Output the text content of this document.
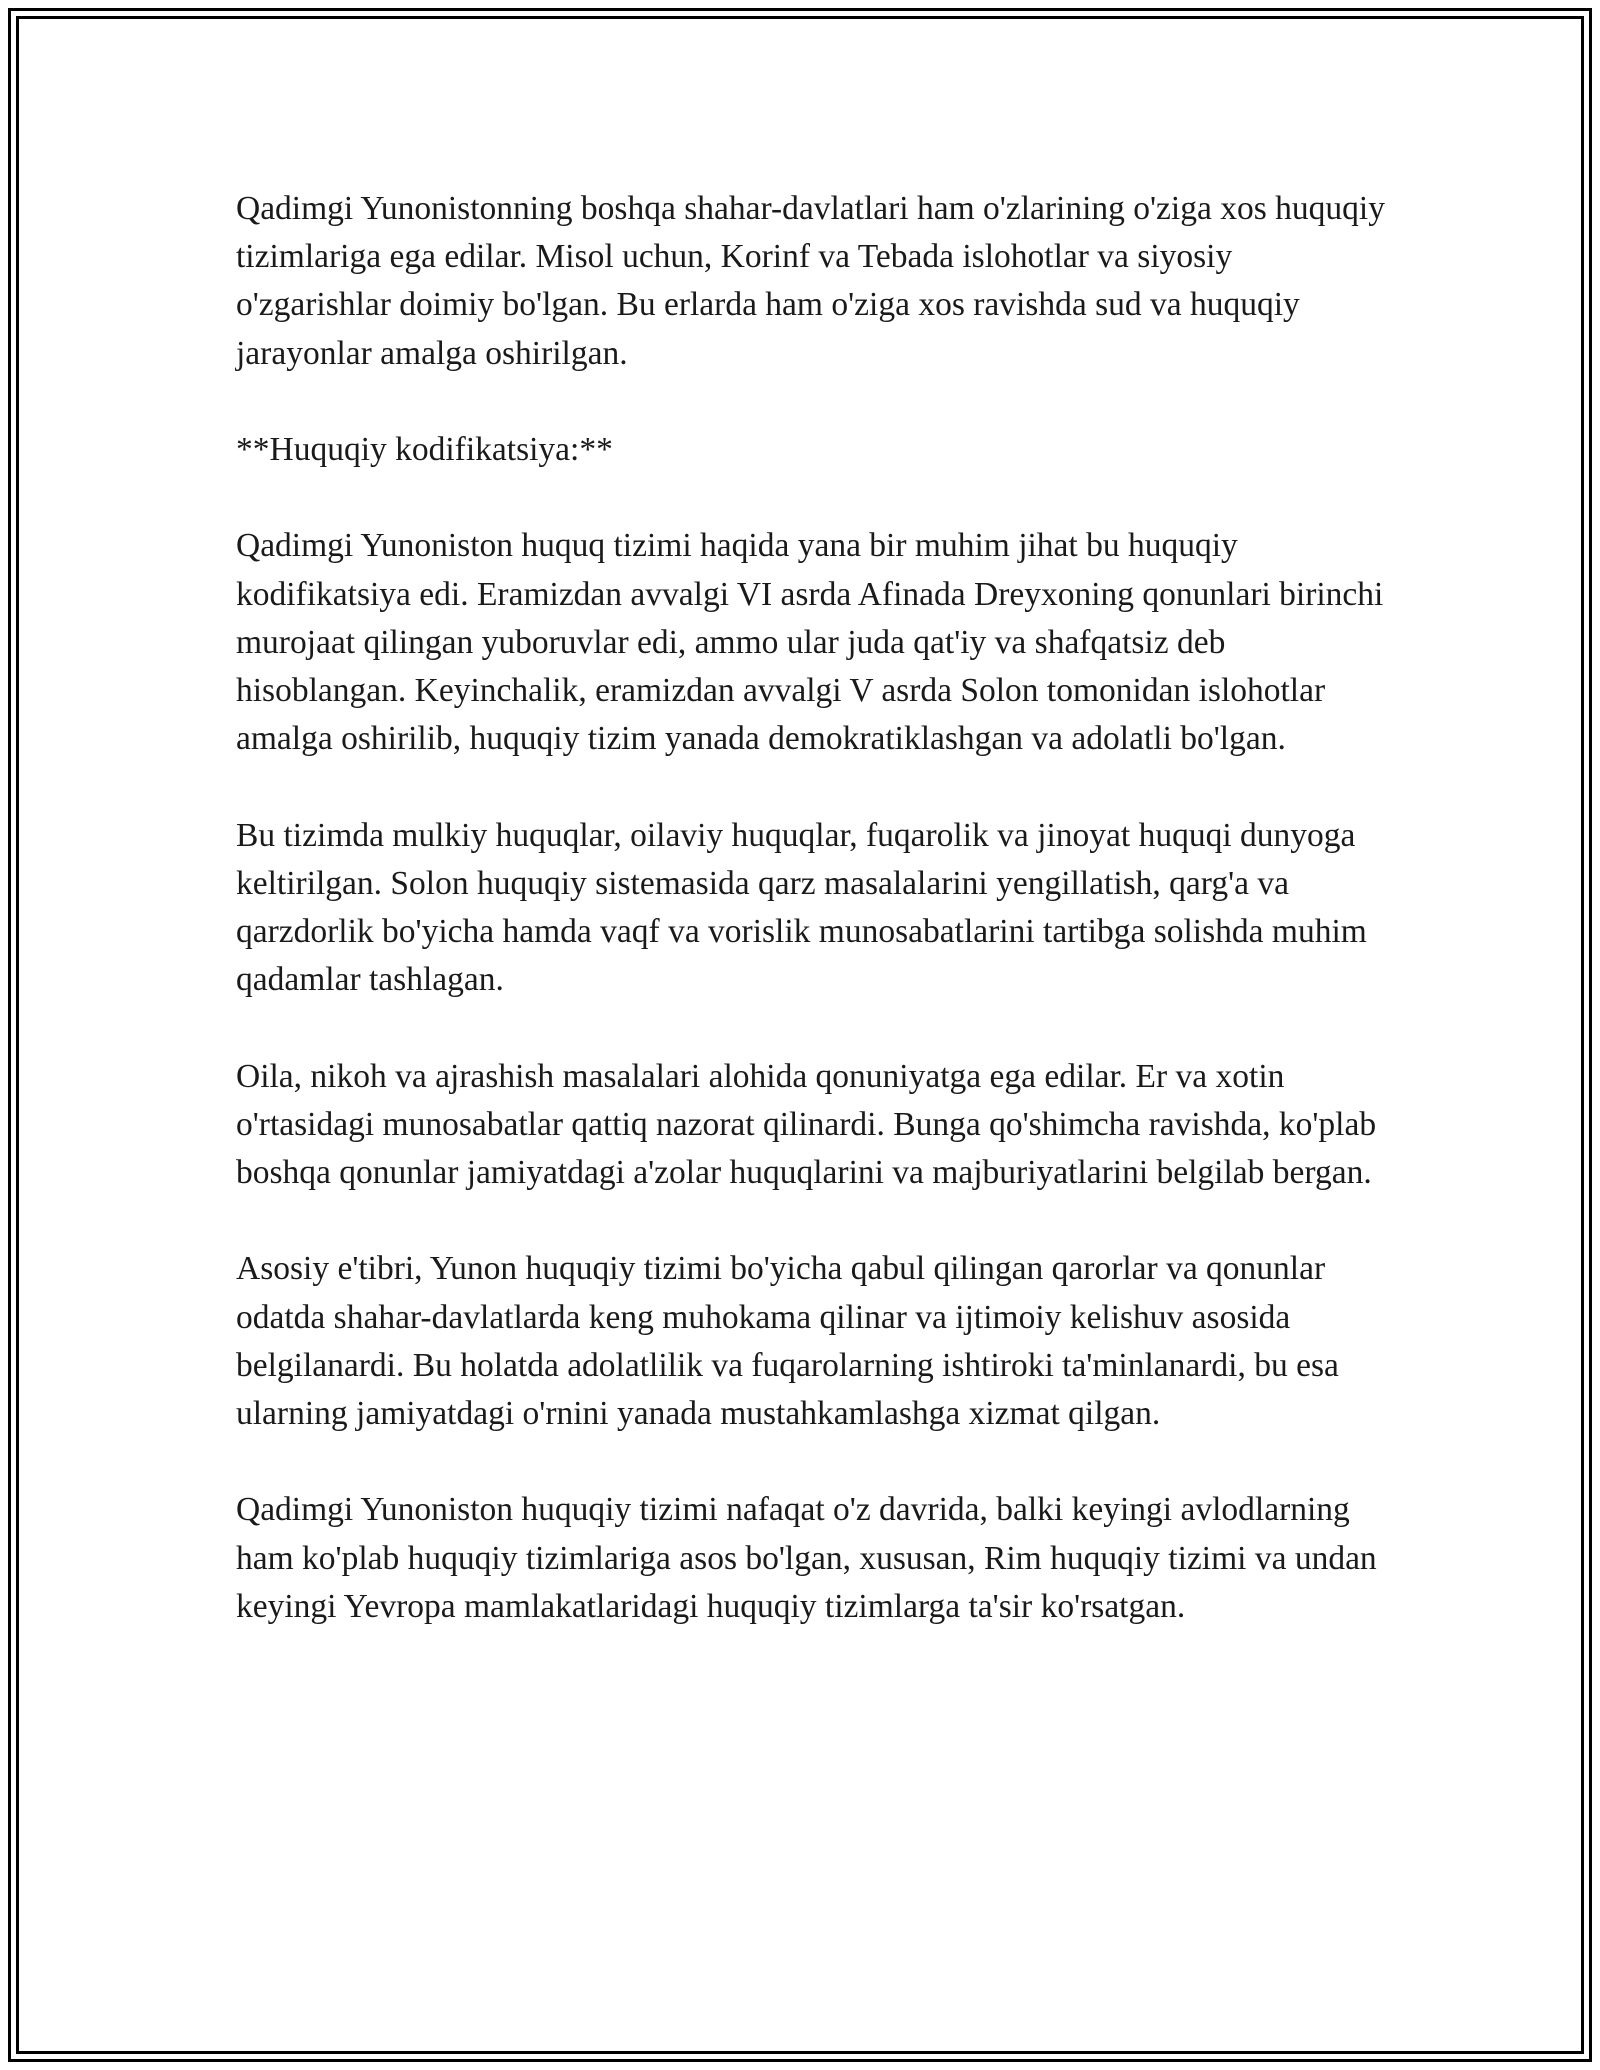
Qadimgi Yunonistonning boshqa shahar-davlatlari ham o'zlarining o'ziga xos huquqiy tizimlariga ega edilar. Misol uchun, Korinf va Tebada islohotlar va siyosiy o'zgarishlar doimiy bo'lgan. Bu erlarda ham o'ziga xos ravishda sud va huquqiy jarayonlar amalga oshirilgan.

**Huquqiy kodifikatsiya:**

Qadimgi Yunoniston huquq tizimi haqida yana bir muhim jihat bu huquqiy kodifikatsiya edi. Eramizdan avvalgi VI asrda Afinada Dreyxoning qonunlari birinchi murojaat qilingan yuboruvlar edi, ammo ular juda qat'iy va shafqatsiz deb hisoblangan. Keyinchalik, eramizdan avvalgi V asrda Solon tomonidan islohotlar amalga oshirilib, huquqiy tizim yanada demokratiklashgan va adolatli bo'lgan.

Bu tizimda mulkiy huquqlar, oilaviy huquqlar, fuqarolik va jinoyat huquqi dunyoga keltirilgan. Solon huquqiy sistemasida qarz masalalarini yengillatish, qarg'a va qarzdorlik bo'yicha hamda vaqf va vorislik munosabatlarini tartibga solishda muhim qadamlar tashlagan.

Oila, nikoh va ajrashish masalalari alohida qonuniyatga ega edilar. Er va xotin o'rtasidagi munosabatlar qattiq nazorat qilinardi. Bunga qo'shimcha ravishda, ko'plab boshqa qonunlar jamiyatdagi a'zolar huquqlarini va majburiyatlarini belgilab bergan.

Asosiy e'tibri, Yunon huquqiy tizimi bo'yicha qabul qilingan qarorlar va qonunlar odatda shahar-davlatlarda keng muhokama qilinar va ijtimoiy kelishuv asosida belgilanardi. Bu holatda adolatlilik va fuqarolarning ishtiroki ta'minlanardi, bu esa ularning jamiyatdagi o'rnini yanada mustahkamlashga xizmat qilgan.

Qadimgi Yunoniston huquqiy tizimi nafaqat o'z davrida, balki keyingi avlodlarning ham ko'plab huquqiy tizimlariga asos bo'lgan, xususan, Rim huquqiy tizimi va undan keyingi Yevropa mamlakatlaridagi huquqiy tizimlarga ta'sir ko'rsatgan.
